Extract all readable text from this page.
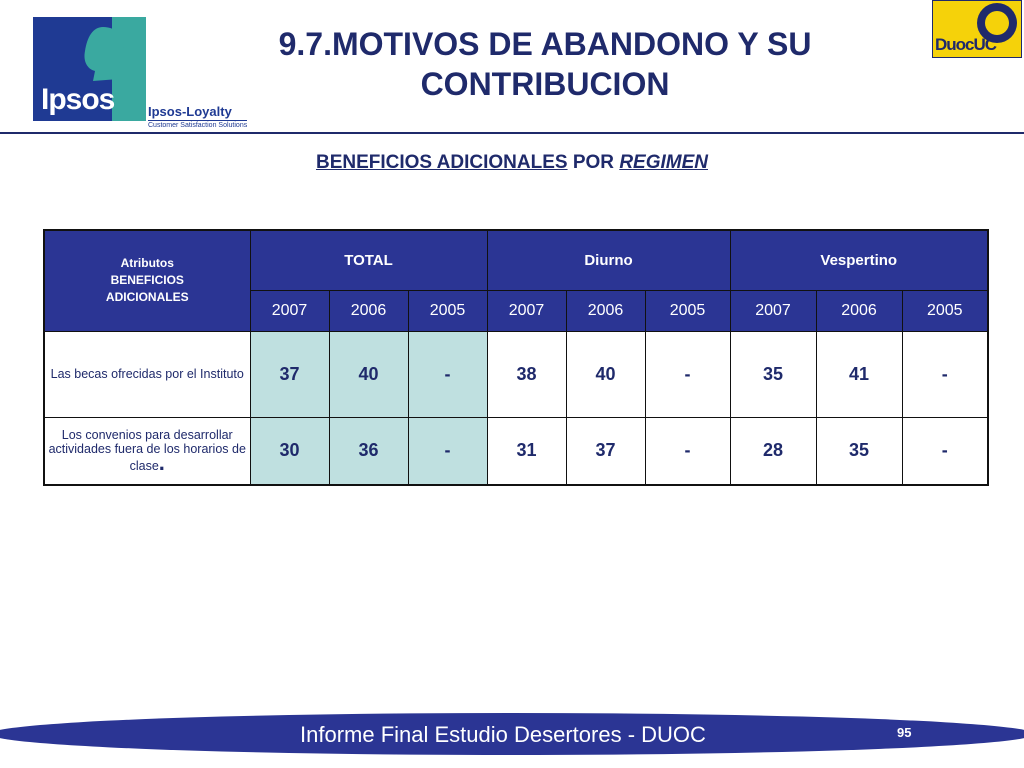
Ipsos	Ipsos-Loyalty
Customer Satisfaction Solutions
9.7.MOTIVOS DE ABANDONO Y SU
CONTRIBUCION
DuocUC
BENEFICIOS ADICIONALES POR REGIMEN
Atributos
BENEFICIOS
ADICIONALES	TOTAL			Diurno			Vespertino		
	2007	2006	2005	2007	2006	2005	2007	2006	2005
Las becas ofrecidas por el Instituto	37	40	-	38	40	-	35	41	-
Los convenios para desarrollar actividades fuera de los horarios de clase.	30	36	-	31	37	-	28	35	-
Informe Final Estudio Desertores - DUOC	95
